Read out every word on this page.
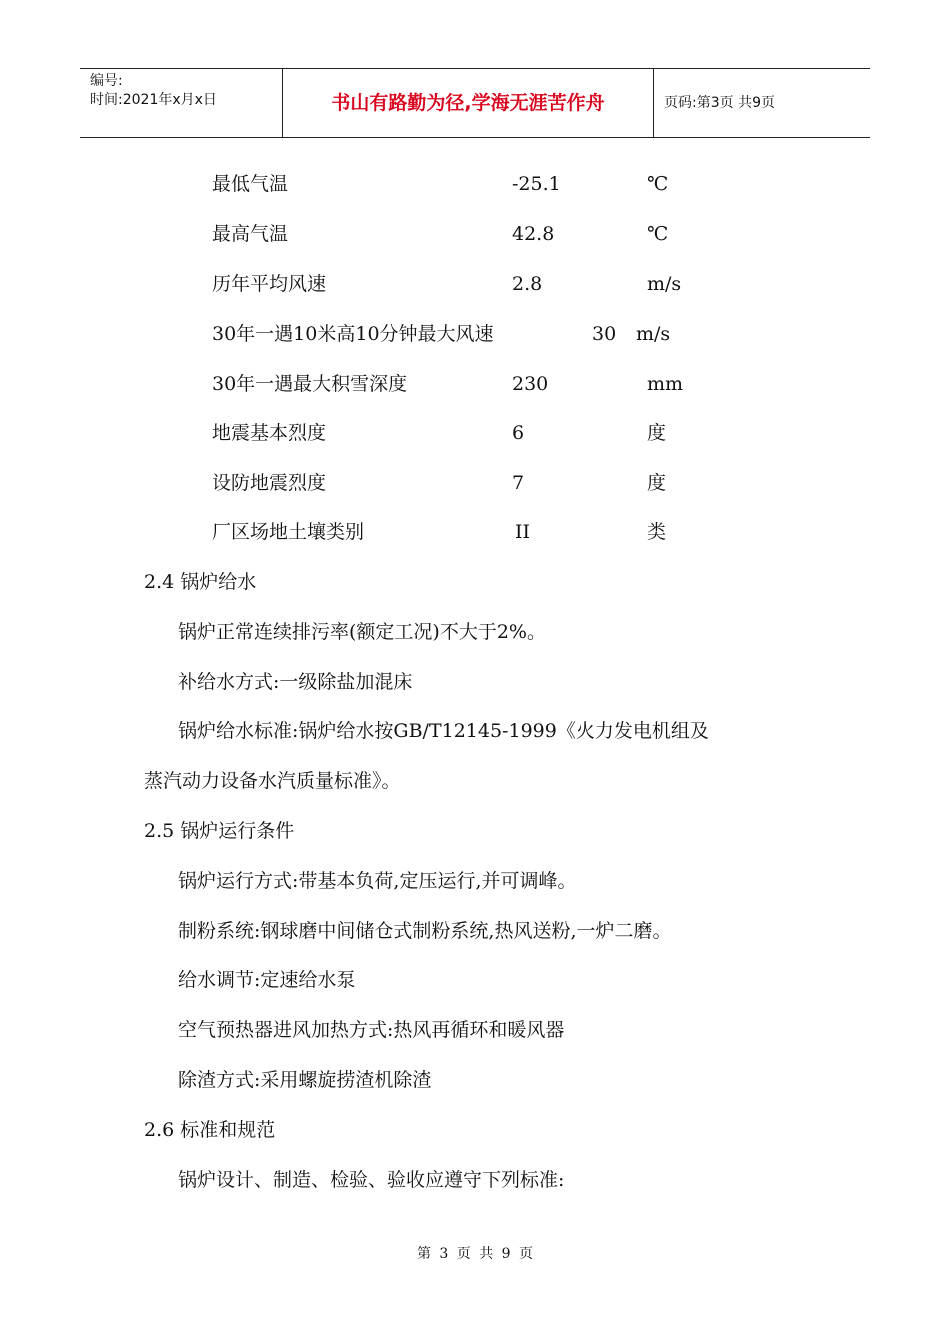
编号:
时间:2021年x月x日	书山有路勤为径,学海无涯苦作舟	页码:第3页 共9页
最低气温	-25.1	℃
最高气温	42.8	℃
历年平均风速	2.8	m/s
30年一遇10米高10分钟最大风速	30 m/s
30年一遇最大积雪深度	230	mm
地震基本烈度	6	度
设防地震烈度	7	度
厂区场地土壤类别	II	类
2.4 锅炉给水
锅炉正常连续排污率(额定工况)不大于2%。
补给水方式:一级除盐加混床
锅炉给水标准:锅炉给水按GB/T12145-1999《火力发电机组及
蒸汽动力设备水汽质量标准》。
2.5 锅炉运行条件
锅炉运行方式:带基本负荷,定压运行,并可调峰。
制粉系统:钢球磨中间储仓式制粉系统,热风送粉,一炉二磨。
给水调节:定速给水泵
空气预热器进风加热方式:热风再循环和暖风器
除渣方式:采用螺旋捞渣机除渣
2.6 标准和规范
锅炉设计、制造、检验、验收应遵守下列标准:
第 3 页 共 9 页
